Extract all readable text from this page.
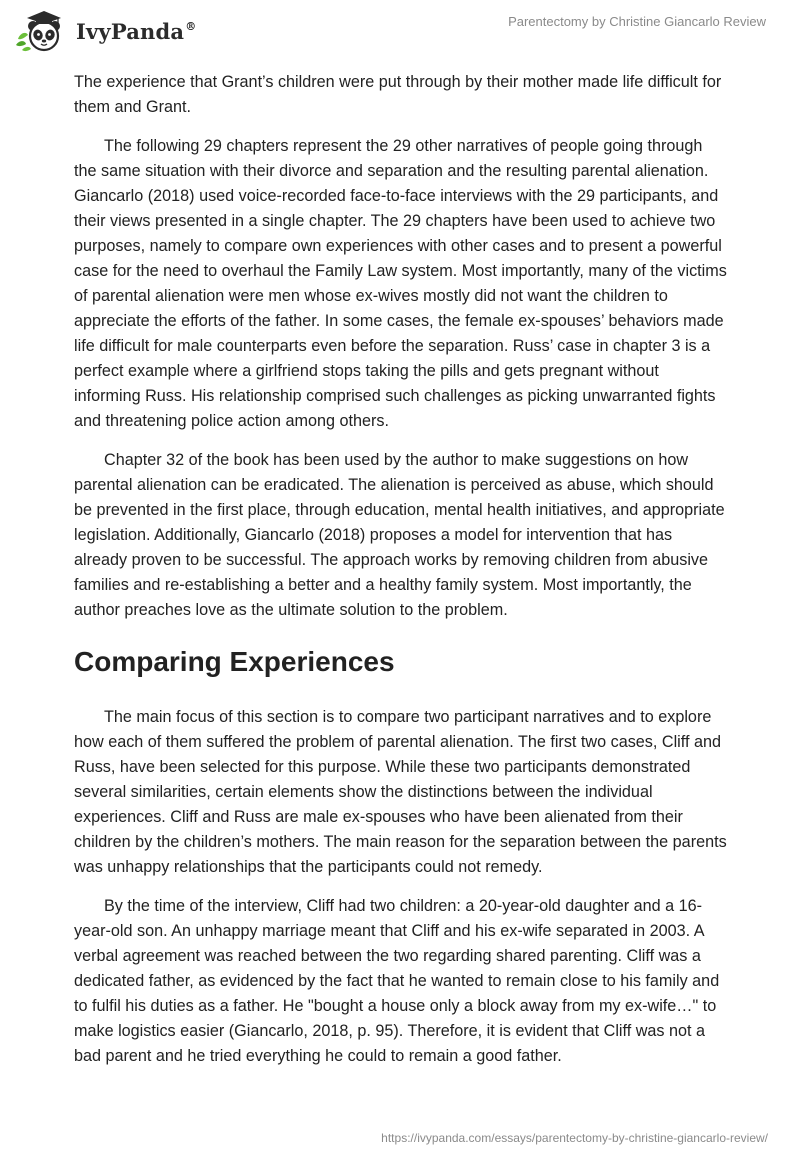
IvyPanda®	Parentectomy by Christine Giancarlo Review

The experience that Grant’s children were put through by their mother made life difficult for them and Grant.

The following 29 chapters represent the 29 other narratives of people going through the same situation with their divorce and separation and the resulting parental alienation. Giancarlo (2018) used voice-recorded face-to-face interviews with the 29 participants, and their views presented in a single chapter. The 29 chapters have been used to achieve two purposes, namely to compare own experiences with other cases and to present a powerful case for the need to overhaul the Family Law system. Most importantly, many of the victims of parental alienation were men whose ex-wives mostly did not want the children to appreciate the efforts of the father. In some cases, the female ex-spouses’ behaviors made life difficult for male counterparts even before the separation. Russ’ case in chapter 3 is a perfect example where a girlfriend stops taking the pills and gets pregnant without informing Russ. His relationship comprised such challenges as picking unwarranted fights and threatening police action among others.

Chapter 32 of the book has been used by the author to make suggestions on how parental alienation can be eradicated. The alienation is perceived as abuse, which should be prevented in the first place, through education, mental health initiatives, and appropriate legislation. Additionally, Giancarlo (2018) proposes a model for intervention that has already proven to be successful. The approach works by removing children from abusive families and re-establishing a better and a healthy family system. Most importantly, the author preaches love as the ultimate solution to the problem.

Comparing Experiences

The main focus of this section is to compare two participant narratives and to explore how each of them suffered the problem of parental alienation. The first two cases, Cliff and Russ, have been selected for this purpose. While these two participants demonstrated several similarities, certain elements show the distinctions between the individual experiences. Cliff and Russ are male ex-spouses who have been alienated from their children by the children’s mothers. The main reason for the separation between the parents was unhappy relationships that the participants could not remedy.

By the time of the interview, Cliff had two children: a 20-year-old daughter and a 16-year-old son. An unhappy marriage meant that Cliff and his ex-wife separated in 2003. A verbal agreement was reached between the two regarding shared parenting. Cliff was a dedicated father, as evidenced by the fact that he wanted to remain close to his family and to fulfil his duties as a father. He "bought a house only a block away from my ex-wife…" to make logistics easier (Giancarlo, 2018, p. 95). Therefore, it is evident that Cliff was not a bad parent and he tried everything he could to remain a good father.

https://ivypanda.com/essays/parentectomy-by-christine-giancarlo-review/
